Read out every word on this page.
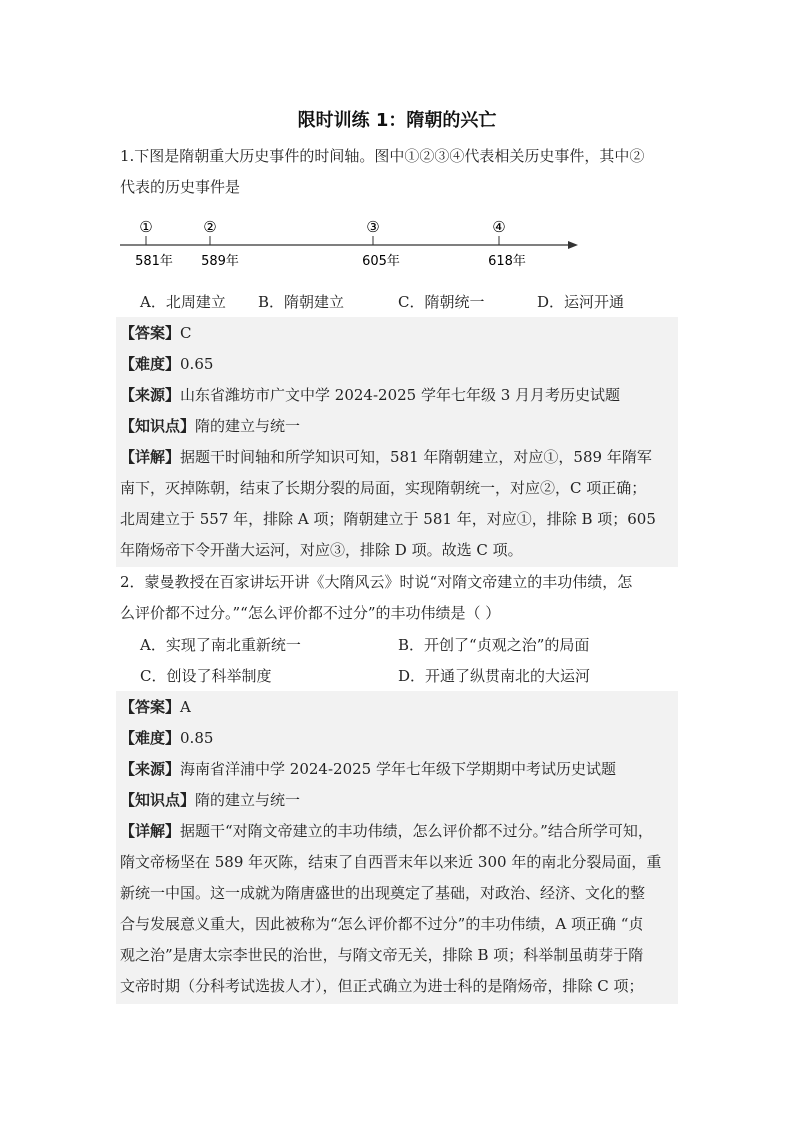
限时训练 1：隋朝的兴亡
1.下图是隋朝重大历史事件的时间轴。图中①②③④代表相关历史事件，其中②
代表的历史事件是
①
581年
②
589年
③
605年
④
618年
A．北周建立 B．隋朝建立	C．隋朝统一	D．运河开通
【答案】C
【难度】0.65
【来源】山东省潍坊市广文中学 2024-2025 学年七年级 3 月月考历史试题
【知识点】隋的建立与统一
【详解】据题干时间轴和所学知识可知，581 年隋朝建立，对应①，589 年隋军
南下，灭掉陈朝，结束了长期分裂的局面，实现隋朝统一，对应②，C 项正确；
北周建立于 557 年，排除 A 项；隋朝建立于 581 年，对应①，排除 B 项；605
年隋炀帝下令开凿大运河，对应③，排除 D 项。故选 C 项。
2．蒙曼教授在百家讲坛开讲《大隋风云》时说“对隋文帝建立的丰功伟绩，怎
么评价都不过分。”“怎么评价都不过分”的丰功伟绩是（ ）
A．实现了南北重新统一	B．开创了“贞观之治”的局面
C．创设了科举制度	D．开通了纵贯南北的大运河
【答案】A
【难度】0.85
【来源】海南省洋浦中学 2024-2025 学年七年级下学期期中考试历史试题
【知识点】隋的建立与统一
【详解】据题干“对隋文帝建立的丰功伟绩，怎么评价都不过分。”结合所学可知，
隋文帝杨坚在 589 年灭陈，结束了自西晋末年以来近 300 年的南北分裂局面，重
新统一中国。这一成就为隋唐盛世的出现奠定了基础，对政治、经济、文化的整
合与发展意义重大，因此被称为“怎么评价都不过分”的丰功伟绩，A 项正确 “贞
观之治”是唐太宗李世民的治世，与隋文帝无关，排除 B 项；科举制虽萌芽于隋
文帝时期（分科考试选拔人才），但正式确立为进士科的是隋炀帝，排除 C 项；
